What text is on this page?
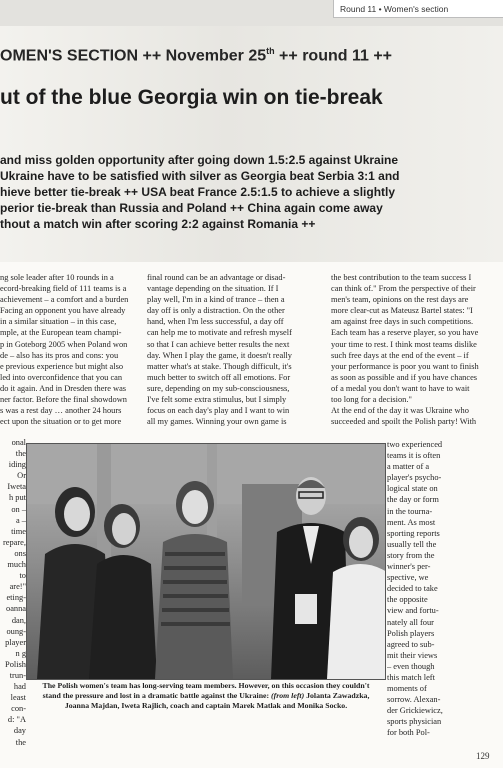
Round 11 • Women's section
OMEN'S SECTION ++ November 25th ++ round 11 ++
ut of the blue Georgia win on tie-break
and miss golden opportunity after going down 1.5:2.5 against Ukraine
Ukraine have to be satisfied with silver as Georgia beat Serbia 3:1 and
hieve better tie-break ++ USA beat France 2.5:1.5 to achieve a slightly
perior tie-break than Russia and Poland ++ China again come away
thout a match win after scoring 2:2 against Romania ++
ng sole leader after 10 rounds in a
ecord-breaking field of 111 teams is a
achievement – a comfort and a burden
Facing an opponent you have already
in a similar situation – in this case,
mple, at the European team champi-
p in Goteborg 2005 when Poland won
de – also has its pros and cons: you
e previous experience but might also
led into overconfidence that you can
do it again. And in Dresden there was
ner factor. Before the final showdown
s was a rest day … another 24 hours
ect upon the situation or to get more
final round can be an advantage or disad-
vantage depending on the situation. If I
play well, I'm in a kind of trance – then a
day off is only a distraction. On the other
hand, when I'm less successful, a day off
can help me to motivate and refresh myself
so that I can achieve better results the next
day. When I play the game, it doesn't really
matter what's at stake. Though difficult, it's
much better to switch off all emotions. For
sure, depending on my sub-consciousness,
I've felt some extra stimulus, but I simply
focus on each day's play and I want to win
all my games. Winning your own game is
the best contribution to the team success I
can think of." From the perspective of their
men's team, opinions on the rest days are
more clear-cut as Mateusz Bartel states: "I
am against free days in such competitions.
Each team has a reserve player, so you have
your time to rest. I think most teams dislike
such free days at the end of the event – if
your performance is poor you want to finish
as soon as possible and if you have chances
of a medal you don't want to have to wait
too long for a decision."
At the end of the day it was Ukraine who
succeeded and spoilt the Polish party! With
onal
the
iding
Or
Iweta
h put
on –
a –
time
repare,
ons
much
to
are!"
eting-
oanna
dan,
oung-
player
n g
Polish
trun-
had
least
con-
d: "A
day
the
two experienced
teams it is often
a matter of a
player's psycho-
logical state on
the day or form
in the tourna-
ment. As most
sporting reports
usually tell the
story from the
winner's per-
spective, we
decided to take
the opposite
view and fortu-
nately all four
Polish players
agreed to sub-
mit their views
– even though
this match left
moments of
sorrow. Alexan-
der Grickiewicz,
sports physician
for both Pol-

The Polish women's team has long-serving team members. However, on this occasion they couldn't
stand the pressure and lost in a dramatic battle against the Ukraine: (from left) Jolanta Zawadzka,
Joanna Majdan, Iweta Rajlich, coach and captain Marek Matlak and Monika Socko.

129
